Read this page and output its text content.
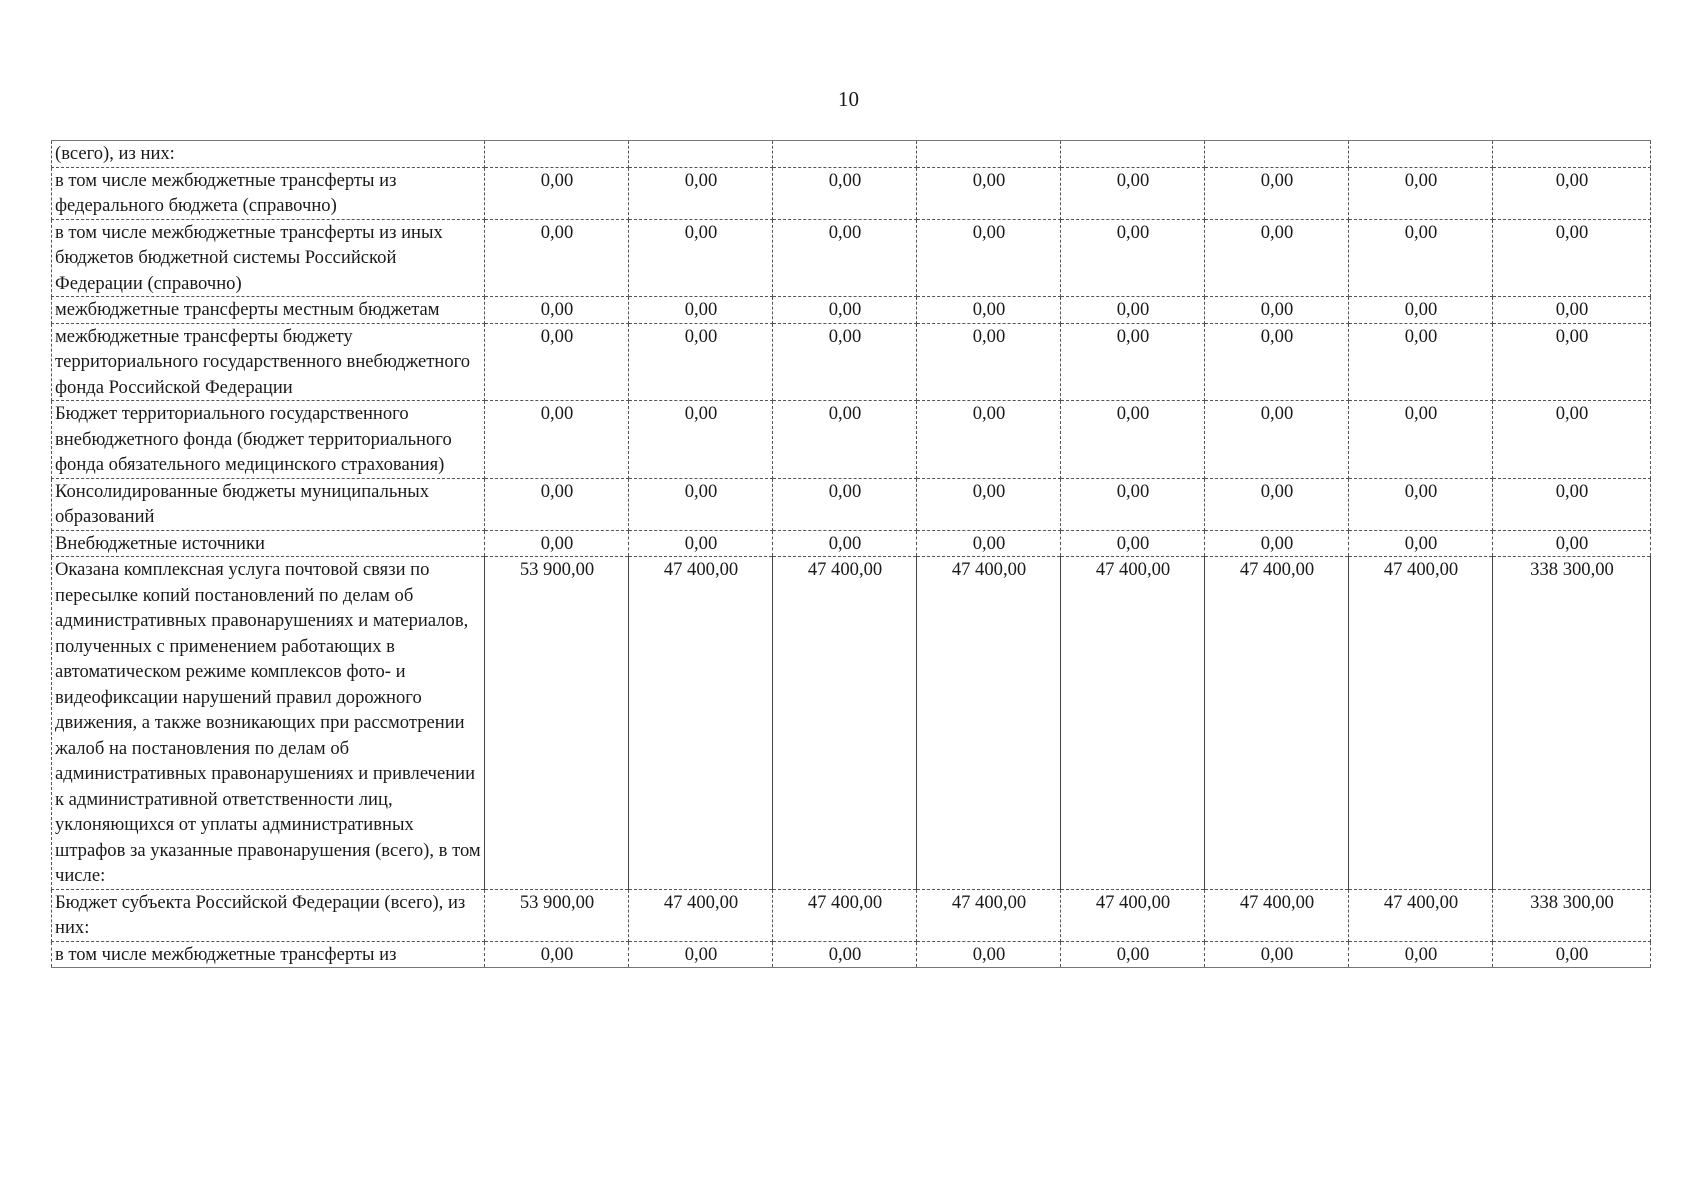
10
(всего), из них:								
в том числе межбюджетные трансферты из федерального бюджета (справочно)	0,00	0,00	0,00	0,00	0,00	0,00	0,00	0,00
в том числе межбюджетные трансферты из иных бюджетов бюджетной системы Российской Федерации (справочно)	0,00	0,00	0,00	0,00	0,00	0,00	0,00	0,00
межбюджетные трансферты местным бюджетам	0,00	0,00	0,00	0,00	0,00	0,00	0,00	0,00
межбюджетные трансферты бюджету территориального государственного внебюджетного фонда Российской Федерации	0,00	0,00	0,00	0,00	0,00	0,00	0,00	0,00
Бюджет территориального государственного внебюджетного фонда (бюджет территориального фонда обязательного медицинского страхования)	0,00	0,00	0,00	0,00	0,00	0,00	0,00	0,00
Консолидированные бюджеты муниципальных образований	0,00	0,00	0,00	0,00	0,00	0,00	0,00	0,00
Внебюджетные источники	0,00	0,00	0,00	0,00	0,00	0,00	0,00	0,00
Оказана комплексная услуга почтовой связи по пересылке копий постановлений по делам об административных правонарушениях и материалов, полученных с применением работающих в автоматическом режиме комплексов фото- и видеофиксации нарушений правил дорожного движения, а также возникающих при рассмотрении жалоб на постановления по делам об административных правонарушениях и привлечении к административной ответственности лиц, уклоняющихся от уплаты административных штрафов за указанные правонарушения (всего), в том числе:	53 900,00	47 400,00	47 400,00	47 400,00	47 400,00	47 400,00	47 400,00	338 300,00
Бюджет субъекта Российской Федерации (всего), из них:	53 900,00	47 400,00	47 400,00	47 400,00	47 400,00	47 400,00	47 400,00	338 300,00
в том числе межбюджетные трансферты из	0,00	0,00	0,00	0,00	0,00	0,00	0,00	0,00
